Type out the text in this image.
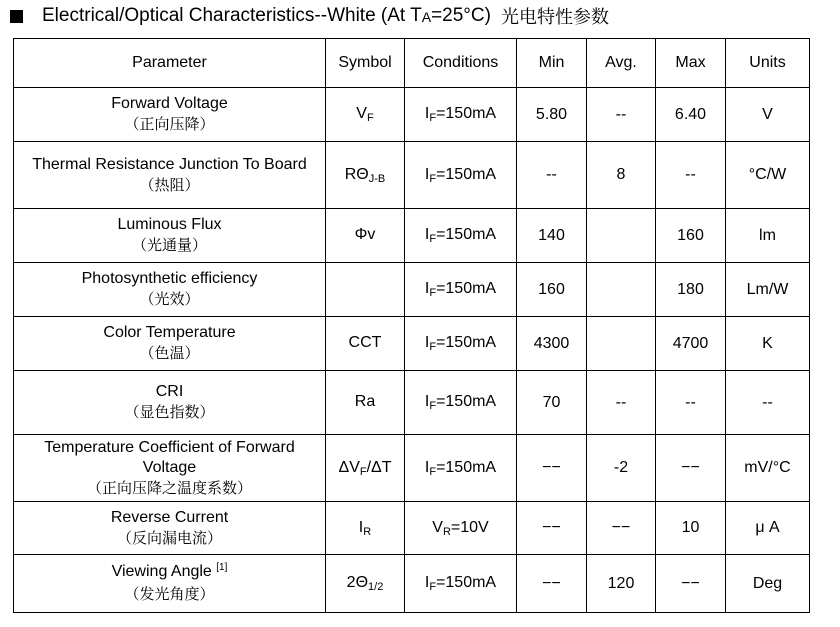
Electrical/Optical Characteristics--White (At TA=25°C) 光电特性参数
Parameter	Symbol	Conditions	Min	Avg.	Max	Units

Forward Voltage
（正向压降）	VF	IF=150mA	5.80	--	6.40	V

Thermal Resistance Junction To Board
（热阻）	RΘJ-B	IF=150mA	--	8	--	°C/W

Luminous Flux
（光通量）	Φv	IF=150mA	140		160	lm

Photosynthetic efficiency
（光效）		IF=150mA	160		180	Lm/W

Color Temperature
（色温）	CCT	IF=150mA	4300		4700	K

CRI
（显色指数）	Ra	IF=150mA	70	--	--	--

Temperature Coefficient of Forward Voltage
（正向压降之温度系数）	ΔVF/ΔT	IF=150mA	−−	-2	−−	mV/°C

Reverse Current
（反向漏电流）	IR	VR=10V	−−	−−	10	μ A

Viewing Angle [1]
（发光角度）	2Θ1/2	IF=150mA	−−	120	−−	Deg
